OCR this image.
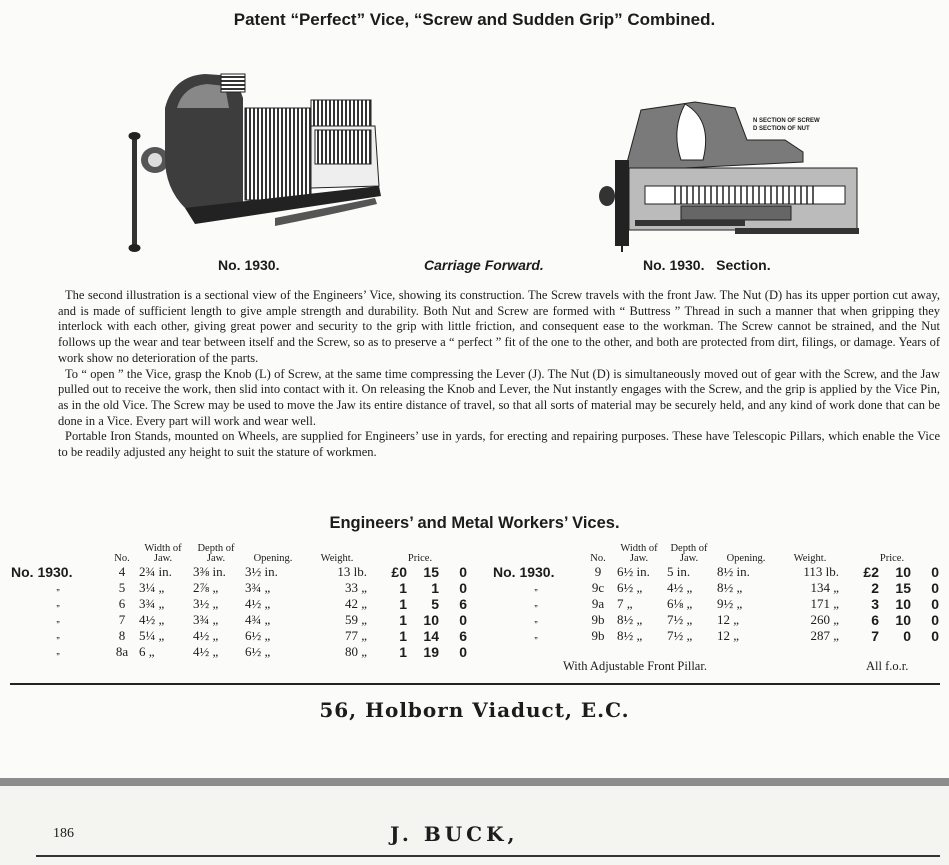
Patent “Perfect” Vice, “Screw and Sudden Grip” Combined.
N SECTION OF SCREW
D SECTION OF NUT
No. 1930.	Carriage Forward.	No. 1930.   Section.

The second illustration is a sectional view of the Engineers’ Vice, showing its construction. The Screw travels with the front Jaw. The Nut (D) has its upper portion cut away, and is made of sufficient length to give ample strength and durability. Both Nut and Screw are formed with “ Buttress ” Thread in such a manner that when gripping they interlock with each other, giving great power and security to the grip with little friction, and consequent ease to the workman. The Screw cannot be strained, and the Nut follows up the wear and tear between itself and the Screw, so as to preserve a “ perfect ” fit of the one to the other, and both are protected from dirt, filings, or damage. Years of work show no deterioration of the parts.

To “ open ” the Vice, grasp the Knob (L) of Screw, at the same time compressing the Lever (J). The Nut (D) is simultaneously moved out of gear with the Screw, and the Jaw pulled out to receive the work, then slid into contact with it. On releasing the Knob and Lever, the Nut instantly engages with the Screw, and the grip is applied by the Vice Pin, as in the old Vice. The Screw may be used to move the Jaw its entire distance of travel, so that all sorts of material may be securely held, and any kind of work done that can be done in a Vice. Every part will work and wear well.

Portable Iron Stands, mounted on Wheels, are supplied for Engineers’ use in yards, for erecting and repairing purposes. These have Telescopic Pillars, which enable the Vice to be readily adjusted any height to suit the stature of workmen.

Engineers’ and Metal Workers’ Vices.
	No.	Width of Jaw.	Depth of Jaw.	Opening.	Weight.	Price.		
No. 1930.	4	2¾ in.	3⅜ in.	3½ in.	13 lb.	£0	15	0
„	5	3¼ „	2⅞ „	3¾ „	33 „	1	1	0
„	6	3¾ „	3½ „	4½ „	42 „	1	5	6
„	7	4½ „	3¾ „	4¾ „	59 „	1	10	0
„	8	5¼ „	4½ „	6½ „	77 „	1	14	6
„	8a	6 „	4½ „	6½ „	80 „	1	19	0
	No.	Width of Jaw.	Depth of Jaw.	Opening.	Weight.	Price.		
No. 1930.	9	6½ in.	5 in.	8½ in.	113 lb.	£2	10	0
„	9c	6½ „	4½ „	8½ „	134 „	2	15	0
„	9a	7 „	6⅛ „	9½ „	171 „	3	10	0
„	9b	8½ „	7½ „	12 „	260 „	6	10	0
„	9b	8½ „	7½ „	12 „	287 „	7	0	0
With Adjustable Front Pillar.	All f.o.r.
56, Holborn Viaduct, E.C.
186	J. BUCK,
